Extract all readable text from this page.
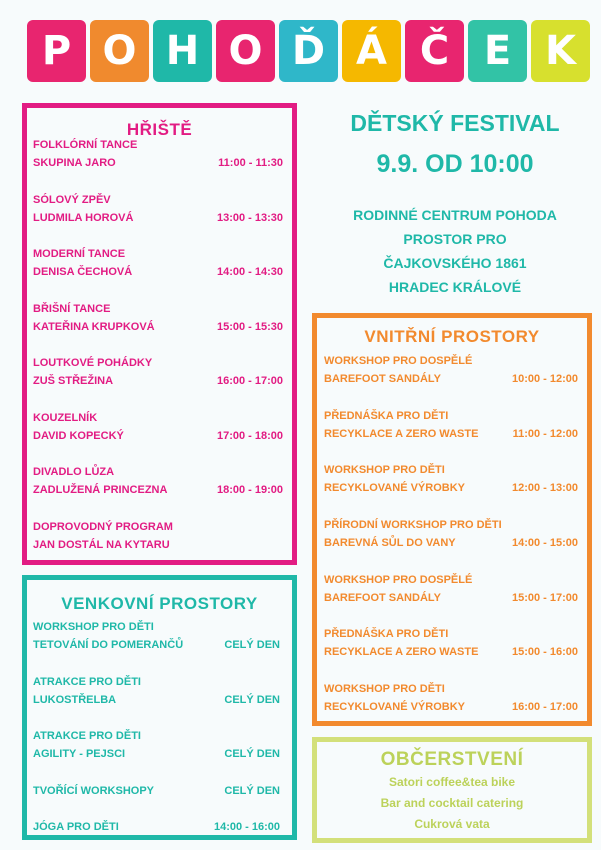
P O H O Ď Á Č E K
DĚTSKÝ FESTIVAL
9.9. OD 10:00
RODINNÉ CENTRUM POHODA
PROSTOR PRO
ČAJKOVSKÉHO 1861
HRADEC KRÁLOVÉ
HŘIŠTĚ
FOLKLÓRNÍ TANCE
SKUPINA JARO	11:00 - 11:30
SÓLOVÝ ZPĚV
LUDMILA HOROVÁ	13:00 - 13:30
MODERNÍ TANCE
DENISA ČECHOVÁ	14:00 - 14:30
BŘIŠNÍ TANCE
KATEŘINA KRUPKOVÁ	15:00 - 15:30
LOUTKOVÉ POHÁDKY
ZUŠ STŘEŽINA	16:00 - 17:00
KOUZELNÍK
DAVID KOPECKÝ	17:00 - 18:00
DIVADLO LŮZA
ZADLUŽENÁ PRINCEZNA	18:00 - 19:00
DOPROVODNÝ PROGRAM
JAN DOSTÁL NA KYTARU
VENKOVNÍ PROSTORY
WORKSHOP PRO DĚTI
TETOVÁNÍ DO POMERANČŮ	CELÝ DEN
ATRAKCE PRO DĚTI
LUKOSTŘELBA	CELÝ DEN
ATRAKCE PRO DĚTI
AGILITY - PEJSCI	CELÝ DEN
TVOŘÍCÍ WORKSHOPY	CELÝ DEN
JÓGA PRO DĚTI	14:00 - 16:00
VNITŘNÍ PROSTORY
WORKSHOP PRO DOSPĚLÉ
BAREFOOT SANDÁLY	10:00 - 12:00
PŘEDNÁŠKA PRO DĚTI
RECYKLACE A ZERO WASTE	11:00 - 12:00
WORKSHOP PRO DĚTI
RECYKLOVANÉ VÝROBKY	12:00 - 13:00
PŘÍRODNÍ WORKSHOP PRO DĚTI
BAREVNÁ SŮL DO VANY	14:00 - 15:00
WORKSHOP PRO DOSPĚLÉ
BAREFOOT SANDÁLY	15:00 - 17:00
PŘEDNÁŠKA PRO DĚTI
RECYKLACE A ZERO WASTE	15:00 - 16:00
WORKSHOP PRO DĚTI
RECYKLOVANÉ VÝROBKY	16:00 - 17:00
OBČERSTVENÍ
Satori coffee&tea bike
Bar and cocktail catering
Cukrová vata
